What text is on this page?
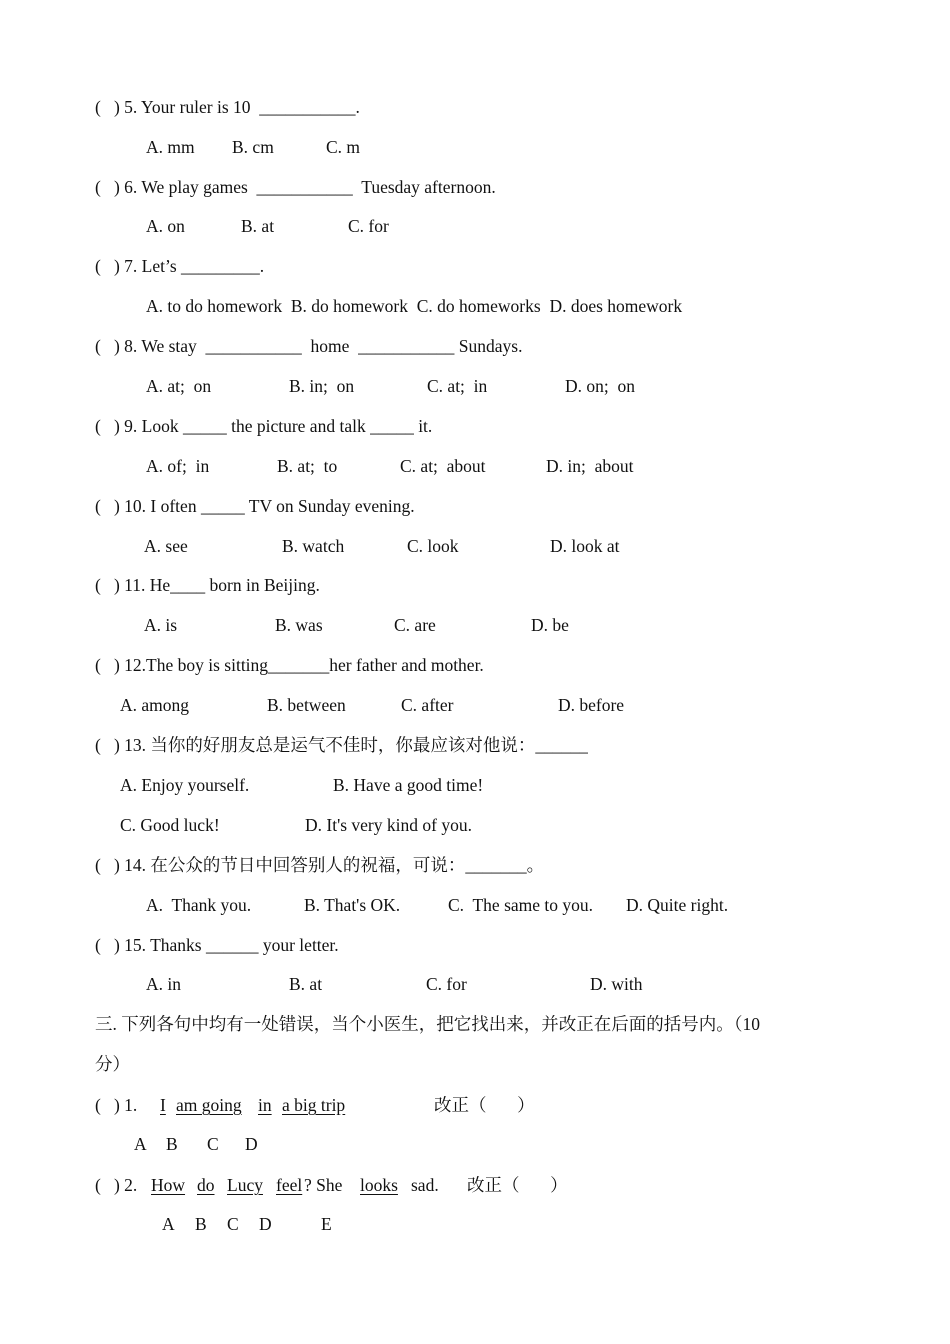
(   ) 5. Your ruler is 10  ___________.
A. mm B. cm	C. m
(   ) 6. We play games  ___________  Tuesday afternoon.
A. on	B. at	C. for
(   ) 7. Let’s _________.
A. to do homework  B. do homework  C. do homeworks  D. does homework
(   ) 8. We stay  ___________  home  ___________ Sundays.
A. at;  on	B. in;  on	C. at;  in	D. on;  on
(   ) 9. Look _____ the picture and talk _____ it.
A. of;  in	B. at;  to	C. at;  about	D. in;  about
(   ) 10. I often _____ TV on Sunday evening.
A. see	B. watch	C. look	D. look at
(   ) 11. He____ born in Beijing.
A. is	B. was	C. are	D. be
(   ) 12.The boy is sitting_______her father and mother.
A. among	B. between	C. after	D. before
(   ) 13. 当你的好朋友总是运气不佳时，你最应该对他说：______
A. Enjoy yourself.	B. Have a good time!
C. Good luck!	D. It's very kind of you.
(   ) 14. 在公众的节日中回答别人的祝福，可说：_______。
A.  Thank you.	B. That's OK.	C.  The same to you. D. Quite right.
(   ) 15. Thanks ______ your letter.
A. in	B. at	C. for	D. with
三. 下列各句中均有一处错误，当个小医生，把它找出来，并改正在后面的括号内。（10
分）
(   ) 1. I am going in a big trip	改正（       ）
A B C D
(   ) 2. How do Lucy feel ? She looks sad. 改正（       ）
A B C D	E
